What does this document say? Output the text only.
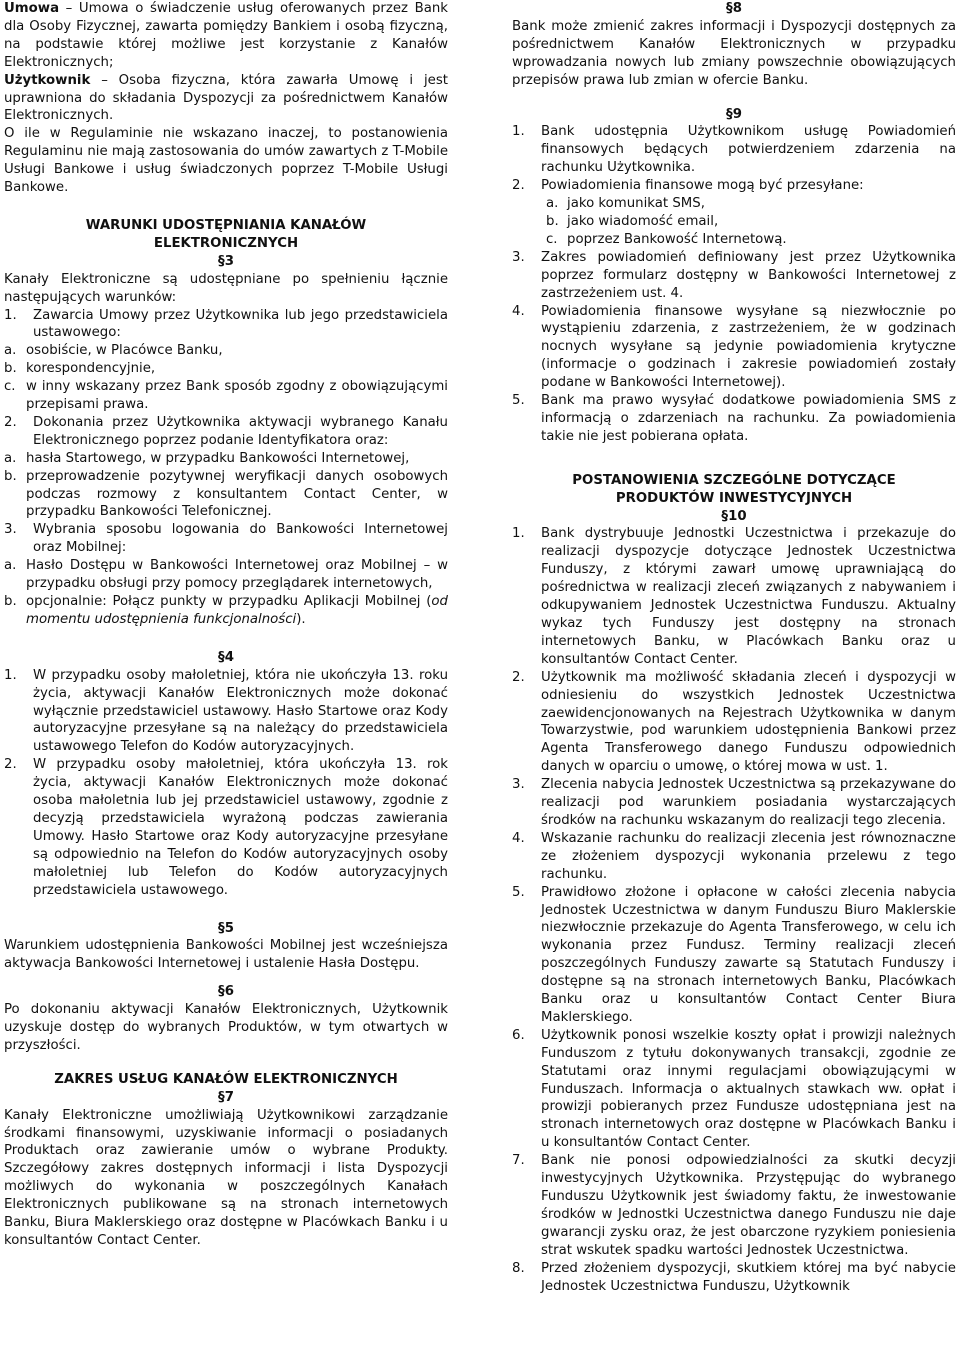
Umowa – Umowa o świadczenie usług oferowanych przez Bank dla Osoby Fizycznej, zawarta pomiędzy Bankiem i osobą fizyczną, na podstawie której możliwe jest korzystanie z Kanałów Elektronicznych;

Użytkownik – Osoba fizyczna, która zawarła Umowę i jest uprawniona do składania Dyspozycji za pośrednictwem Kanałów Elektronicznych.

O ile w Regulaminie nie wskazano inaczej, to postanowienia Regulaminu nie mają zastosowania do umów zawartych z T-Mobile Usługi Bankowe i usług świadczonych poprzez T-Mobile Usługi Bankowe.

WARUNKI UDOSTĘPNIANIA KANAŁÓW ELEKTRONICZNYCH

§3

Kanały Elektroniczne są udostępniane po spełnieniu łącznie następujących warunków:

1. Zawarcia Umowy przez Użytkownika lub jego przedstawiciela ustawowego:
a. osobiście, w Placówce Banku,
b. korespondencyjnie,
c. w inny wskazany przez Bank sposób zgodny z obowiązującymi przepisami prawa.
2. Dokonania przez Użytkownika aktywacji wybranego Kanału Elektronicznego poprzez podanie Identyfikatora oraz:
a. hasła Startowego, w przypadku Bankowości Internetowej,
b. przeprowadzenie pozytywnej weryfikacji danych osobowych podczas rozmowy z konsultantem Contact Center, w przypadku Bankowości Telefonicznej.
3. Wybrania sposobu logowania do Bankowości Internetowej oraz Mobilnej:
a. Hasło Dostępu w Bankowości Internetowej oraz Mobilnej – w przypadku obsługi przy pomocy przeglądarek internetowych,
b. opcjonalnie: Połącz punkty w przypadku Aplikacji Mobilnej (od momentu udostępnienia funkcjonalności).

§4

1. W przypadku osoby małoletniej, która nie ukończyła 13. roku życia, aktywacji Kanałów Elektronicznych może dokonać wyłącznie przedstawiciel ustawowy. Hasło Startowe oraz Kody autoryzacyjne przesyłane są na należący do przedstawiciela ustawowego Telefon do Kodów autoryzacyjnych.
2. W przypadku osoby małoletniej, która ukończyła 13. rok życia, aktywacji Kanałów Elektronicznych może dokonać osoba małoletnia lub jej przedstawiciel ustawowy, zgodnie z decyzją przedstawiciela wyrażoną podczas zawierania Umowy. Hasło Startowe oraz Kody autoryzacyjne przesyłane są odpowiednio na Telefon do Kodów autoryzacyjnych osoby małoletniej lub Telefon do Kodów autoryzacyjnych przedstawiciela ustawowego.

§5

Warunkiem udostępnienia Bankowości Mobilnej jest wcześniejsza aktywacja Bankowości Internetowej i ustalenie Hasła Dostępu.

§6

Po dokonaniu aktywacji Kanałów Elektronicznych, Użytkownik uzyskuje dostęp do wybranych Produktów, w tym otwartych w przyszłości.

ZAKRES USŁUG KANAŁÓW ELEKTRONICZNYCH

§7

Kanały Elektroniczne umożliwiają Użytkownikowi zarządzanie środkami finansowymi, uzyskiwanie informacji o posiadanych Produktach oraz zawieranie umów o wybrane Produkty. Szczegółowy zakres dostępnych informacji i lista Dyspozycji możliwych do wykonania w poszczególnych Kanałach Elektronicznych publikowane są na stronach internetowych Banku, Biura Maklerskiego oraz dostępne w Placówkach Banku i u konsultantów Contact Center.

§8

Bank może zmienić zakres informacji i Dyspozycji dostępnych za pośrednictwem Kanałów Elektronicznych w przypadku wprowadzania nowych lub zmiany powszechnie obowiązujących przepisów prawa lub zmian w ofercie Banku.

§9

1. Bank udostępnia Użytkownikom usługę Powiadomień finansowych będących potwierdzeniem zdarzenia na rachunku Użytkownika.
2. Powiadomienia finansowe mogą być przesyłane:
a. jako komunikat SMS,
b. jako wiadomość email,
c. poprzez Bankowość Internetową.
3. Zakres powiadomień definiowany jest przez Użytkownika poprzez formularz dostępny w Bankowości Internetowej z zastrzeżeniem ust. 4.
4. Powiadomienia finansowe wysyłane są niezwłocznie po wystąpieniu zdarzenia, z zastrzeżeniem, że w godzinach nocnych wysyłane są jedynie powiadomienia krytyczne (informacje o godzinach i zakresie powiadomień zostały podane w Bankowości Internetowej).
5. Bank ma prawo wysyłać dodatkowe powiadomienia SMS z informacją o zdarzeniach na rachunku. Za powiadomienia takie nie jest pobierana opłata.

POSTANOWIENIA SZCZEGÓLNE DOTYCZĄCE PRODUKTÓW INWESTYCYJNYCH

§10

1. Bank dystrybuuje Jednostki Uczestnictwa i przekazuje do realizacji dyspozycje dotyczące Jednostek Uczestnictwa Funduszy, z którymi zawarł umowę uprawniającą do pośrednictwa w realizacji zleceń związanych z nabywaniem i odkupywaniem Jednostek Uczestnictwa Funduszu. Aktualny wykaz tych Funduszy jest dostępny na stronach internetowych Banku, w Placówkach Banku oraz u konsultantów Contact Center.
2. Użytkownik ma możliwość składania zleceń i dyspozycji w odniesieniu do wszystkich Jednostek Uczestnictwa zaewidencjonowanych na Rejestrach Użytkownika w danym Towarzystwie, pod warunkiem udostępnienia Bankowi przez Agenta Transferowego danego Funduszu odpowiednich danych w oparciu o umowę, o której mowa w ust. 1.
3. Zlecenia nabycia Jednostek Uczestnictwa są przekazywane do realizacji pod warunkiem posiadania wystarczających środków na rachunku wskazanym do realizacji tego zlecenia.
4. Wskazanie rachunku do realizacji zlecenia jest równoznaczne ze złożeniem dyspozycji wykonania przelewu z tego rachunku.
5. Prawidłowo złożone i opłacone w całości zlecenia nabycia Jednostek Uczestnictwa w danym Funduszu Biuro Maklerskie niezwłocznie przekazuje do Agenta Transferowego, w celu ich wykonania przez Fundusz. Terminy realizacji zleceń poszczególnych Funduszy zawarte są Statutach Funduszy i dostępne są na stronach internetowych Banku, Placówkach Banku oraz u konsultantów Contact Center Biura Maklerskiego.
6. Użytkownik ponosi wszelkie koszty opłat i prowizji należnych Funduszom z tytułu dokonywanych transakcji, zgodnie ze Statutami oraz innymi regulacjami obowiązującymi w Funduszach. Informacja o aktualnych stawkach ww. opłat i prowizji pobieranych przez Fundusze udostępniana jest na stronach internetowych oraz dostępne w Placówkach Banku i u konsultantów Contact Center.
7. Bank nie ponosi odpowiedzialności za skutki decyzji inwestycyjnych Użytkownika. Przystępując do wybranego Funduszu Użytkownik jest świadomy faktu, że inwestowanie środków w Jednostki Uczestnictwa danego Funduszu nie daje gwarancji zysku oraz, że jest obarczone ryzykiem poniesienia strat wskutek spadku wartości Jednostek Uczestnictwa.
8. Przed złożeniem dyspozycji, skutkiem której ma być nabycie Jednostek Uczestnictwa Funduszu, Użytkownik
